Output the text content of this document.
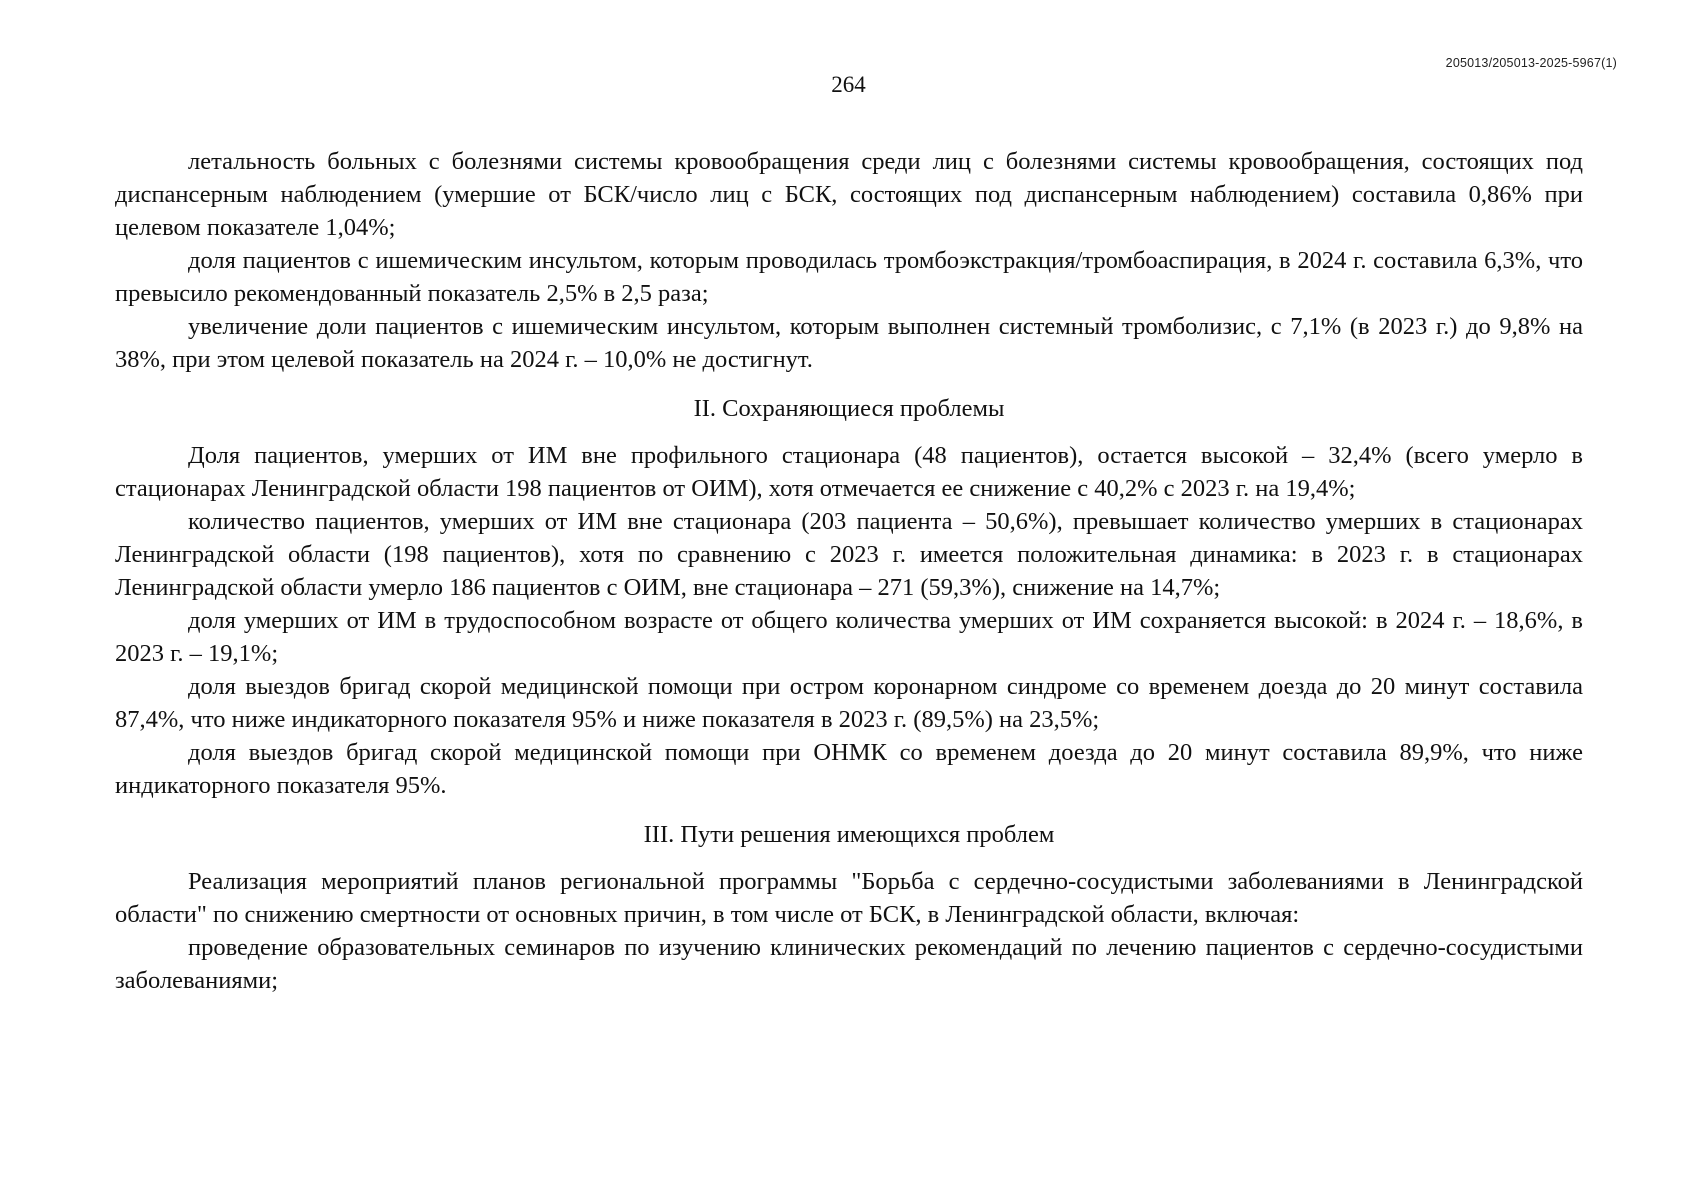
205013/205013-2025-5967(1)
264

летальность больных с болезнями системы кровообращения среди лиц с болезнями системы кровообращения, состоящих под диспансерным наблюдением (умершие от БСК/число лиц с БСК, состоящих под диспансерным наблюдением) составила 0,86% при целевом показателе 1,04%;

доля пациентов с ишемическим инсультом, которым проводилась тромбоэкстракция/тромбоаспирация, в 2024 г. составила 6,3%, что превысило рекомендованный показатель 2,5% в 2,5 раза;

увеличение доли пациентов с ишемическим инсультом, которым выполнен системный тромболизис, с 7,1% (в 2023 г.) до 9,8% на 38%, при этом целевой показатель на 2024 г. – 10,0% не достигнут.

II. Сохраняющиеся проблемы

Доля пациентов, умерших от ИМ вне профильного стационара (48 пациентов), остается высокой – 32,4% (всего умерло в стационарах Ленинградской области 198 пациентов от ОИМ), хотя отмечается ее снижение с 40,2% с 2023 г. на 19,4%;

количество пациентов, умерших от ИМ вне стационара (203 пациента – 50,6%), превышает количество умерших в стационарах Ленинградской области (198 пациентов), хотя по сравнению с 2023 г. имеется положительная динамика: в 2023 г. в стационарах Ленинградской области умерло 186 пациентов с ОИМ, вне стационара – 271 (59,3%), снижение на 14,7%;

доля умерших от ИМ в трудоспособном возрасте от общего количества умерших от ИМ сохраняется высокой: в 2024 г. – 18,6%, в 2023 г. – 19,1%;

доля выездов бригад скорой медицинской помощи при остром коронарном синдроме со временем доезда до 20 минут составила 87,4%, что ниже индикаторного показателя 95% и ниже показателя в 2023 г. (89,5%) на 23,5%;

доля выездов бригад скорой медицинской помощи при ОНМК со временем доезда до 20 минут составила 89,9%, что ниже индикаторного показателя 95%.

III. Пути решения имеющихся проблем

Реализация мероприятий планов региональной программы "Борьба с сердечно-сосудистыми заболеваниями в Ленинградской области" по снижению смертности от основных причин, в том числе от БСК, в Ленинградской области, включая:

проведение образовательных семинаров по изучению клинических рекомендаций по лечению пациентов с сердечно-сосудистыми заболеваниями;
